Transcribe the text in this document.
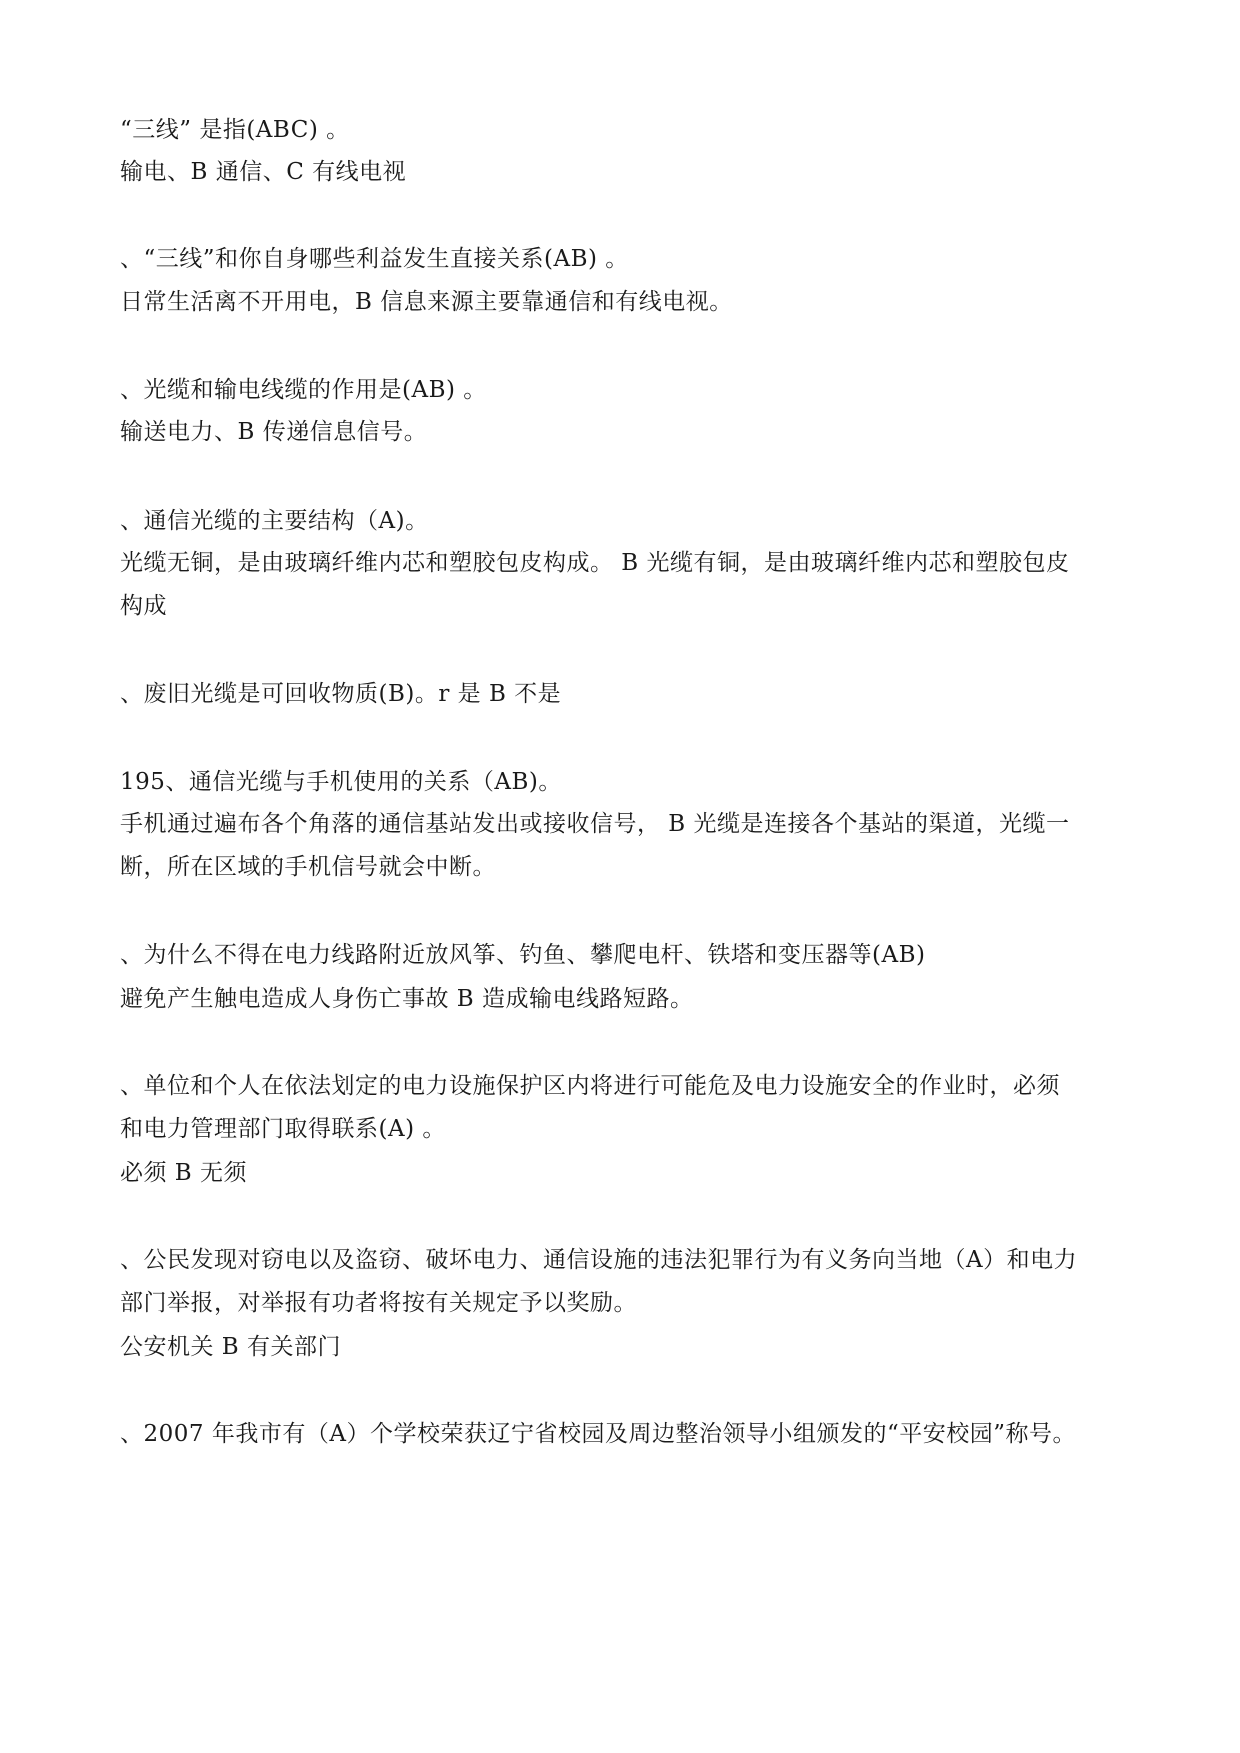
“三线” 是指(ABC) 。
输电、B 通信、C 有线电视
、“三线”和你自身哪些利益发生直接关系(AB) 。
日常生活离不开用电，B 信息来源主要靠通信和有线电视。
、光缆和输电线缆的作用是(AB) 。
输送电力、B 传递信息信号。
、通信光缆的主要结构（A)。
光缆无铜，是由玻璃纤维内芯和塑胶包皮构成。 B 光缆有铜，是由玻璃纤维内芯和塑胶包皮
构成
、废旧光缆是可回收物质(B)。r 是 B 不是
195、通信光缆与手机使用的关系（AB)。
手机通过遍布各个角落的通信基站发出或接收信号， B 光缆是连接各个基站的渠道，光缆一
断，所在区域的手机信号就会中断。
、为什么不得在电力线路附近放风筝、钓鱼、攀爬电杆、铁塔和变压器等(AB)
避免产生触电造成人身伤亡事故 B 造成输电线路短路。
、单位和个人在依法划定的电力设施保护区内将进行可能危及电力设施安全的作业时，必须
和电力管理部门取得联系(A) 。
必须 B 无须
、公民发现对窃电以及盗窃、破坏电力、通信设施的违法犯罪行为有义务向当地（A）和电力
部门举报，对举报有功者将按有关规定予以奖励。
公安机关 B 有关部门
、2007 年我市有（A）个学校荣获辽宁省校园及周边整治领导小组颁发的“平安校园”称号。
